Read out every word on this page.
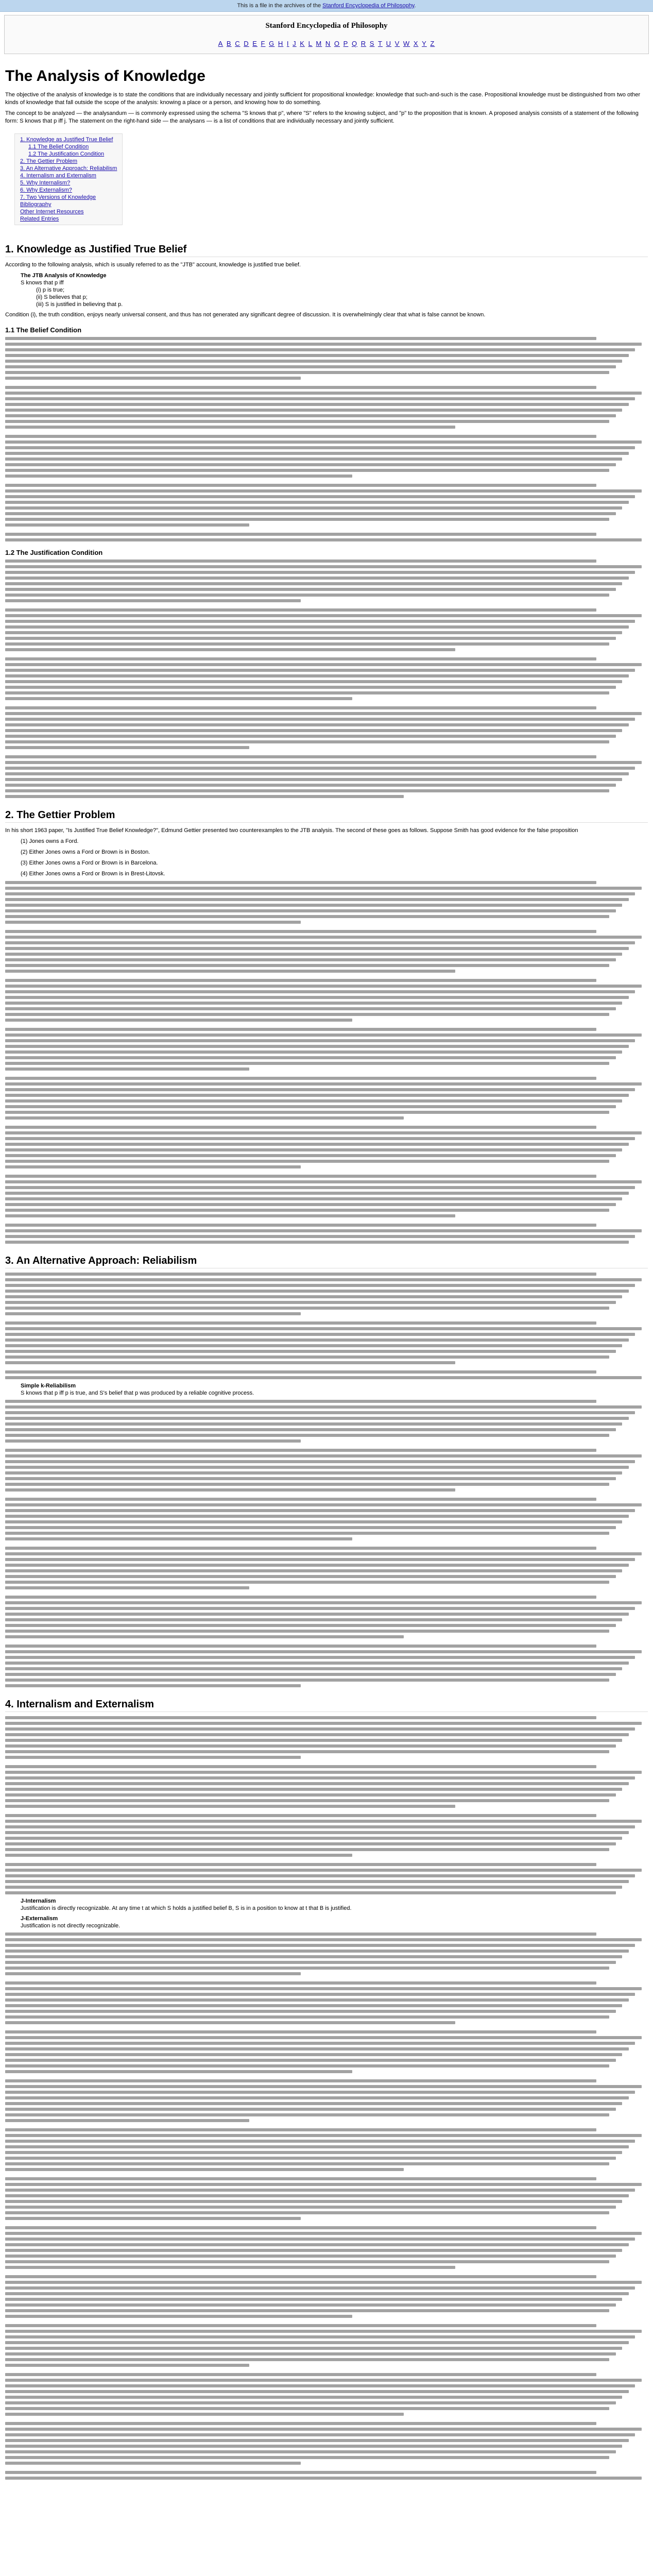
This is a file in the archives of the Stanford Encyclopedia of Philosophy.
Stanford Encyclopedia of Philosophy
A B C D E F G H I J K L M N O P Q R S T U V W X Y Z
The Analysis of Knowledge

The objective of the analysis of knowledge is to state the conditions that are individually necessary and jointly sufficient for propositional knowledge: knowledge that such-and-such is the case. Propositional knowledge must be distinguished from two other kinds of knowledge that fall outside the scope of the analysis: knowing a place or a person, and knowing how to do something.

The concept to be analyzed — the analysandum — is commonly expressed using the schema "S knows that p", where "S" refers to the knowing subject, and "p" to the proposition that is known. A proposed analysis consists of a statement of the following form: S knows that p iff j. The statement on the right-hand side — the analysans — is a list of conditions that are individually necessary and jointly sufficient.

1. Knowledge as Justified True Belief
1.1 The Belief Condition
1.2 The Justification Condition
2. The Gettier Problem
3. An Alternative Approach: Reliabilism
4. Internalism and Externalism
5. Why Internalism?
6. Why Externalism?
7. Two Versions of Knowledge
Bibliography
Other Internet Resources
Related Entries
1. Knowledge as Justified True Belief

According to the following analysis, which is usually referred to as the "JTB" account, knowledge is justified true belief.

The JTB Analysis of Knowledge
S knows that p iff
(i) p is true;
(ii) S believes that p;
(iii) S is justified in believing that p.

Condition (i), the truth condition, enjoys nearly universal consent, and thus has not generated any significant degree of discussion. It is overwhelmingly clear that what is false cannot be known.

1.1 The Belief Condition
1.2 The Justification Condition
2. The Gettier Problem

In his short 1963 paper, "Is Justified True Belief Knowledge?", Edmund Gettier presented two counterexamples to the JTB analysis. The second of these goes as follows. Suppose Smith has good evidence for the false proposition

(1) Jones owns a Ford.

(2) Either Jones owns a Ford or Brown is in Boston.

(3) Either Jones owns a Ford or Brown is in Barcelona.

(4) Either Jones owns a Ford or Brown is in Brest-Litovsk.

3. An Alternative Approach: Reliabilism
Simple k-Reliabilism
S knows that p iff p is true, and S's belief that p was produced by a reliable cognitive process.
4. Internalism and Externalism
J-Internalism
Justification is directly recognizable. At any time t at which S holds a justified belief B, S is in a position to know at t that B is justified.
J-Externalism
Justification is not directly recognizable.
